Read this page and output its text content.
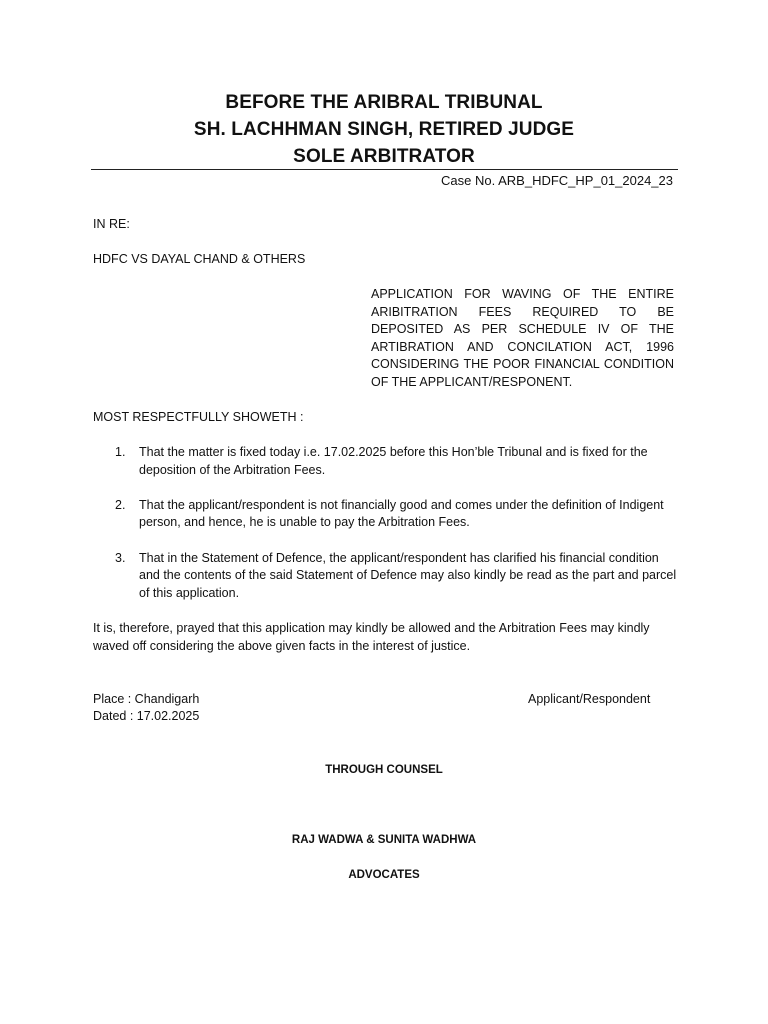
BEFORE THE ARIBRAL TRIBUNAL
SH. LACHHMAN SINGH, RETIRED JUDGE
SOLE ARBITRATOR
Case No. ARB_HDFC_HP_01_2024_23
IN RE:
HDFC VS DAYAL CHAND & OTHERS
APPLICATION FOR WAVING OF THE ENTIRE ARIBITRATION FEES REQUIRED TO BE DEPOSITED AS PER SCHEDULE IV OF THE ARTIBRATION AND CONCILATION ACT, 1996 CONSIDERING THE POOR FINANCIAL CONDITION OF THE APPLICANT/RESPONENT.
MOST RESPECTFULLY SHOWETH :
1. That the matter is fixed today i.e. 17.02.2025 before this Hon’ble Tribunal and is fixed for the deposition of the Arbitration Fees.
2. That the applicant/respondent is not financially good and comes under the definition of Indigent person, and hence, he is unable to pay the Arbitration Fees.
3. That in the Statement of Defence, the applicant/respondent has clarified his financial condition and the contents of the said Statement of Defence may also kindly be read as the part and parcel of this application.
It is, therefore, prayed that this application may kindly be allowed and the Arbitration Fees may kindly waved off considering the above given facts in the interest of justice.
Place : Chandigarh
Dated : 17.02.2025
Applicant/Respondent
THROUGH COUNSEL
RAJ WADWA & SUNITA WADHWA
ADVOCATES
